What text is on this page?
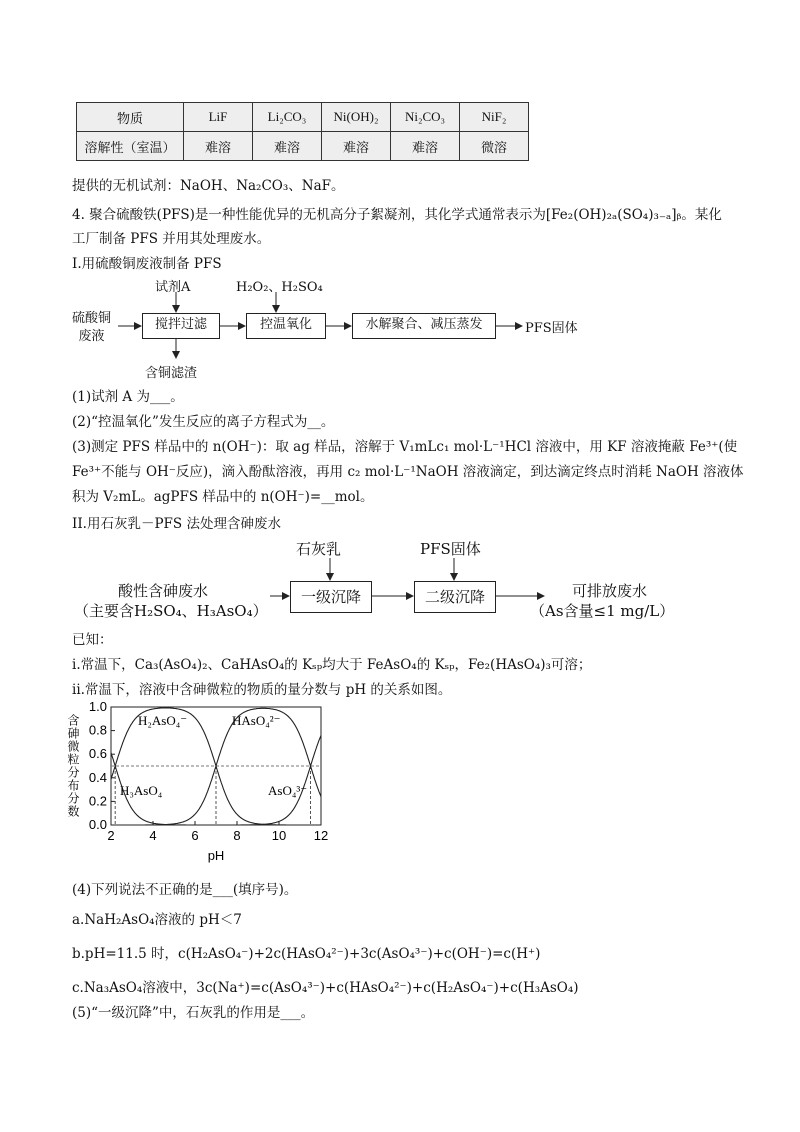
物质	LiF	Li₂CO₃	Ni(OH)₂	Ni₂CO₃	NiF₂
溶解性（室温）	难溶	难溶	难溶	难溶	微溶
提供的无机试剂：NaOH、Na₂CO₃、NaF。
4. 聚合硫酸铁(PFS)是一种性能优异的无机高分子絮凝剂，其化学式通常表示为[Fe₂(OH)₂ₐ(SO₄)₃₋ₐ]ᵦ。某化
工厂制备 PFS 并用其处理废水。
I.用硫酸铜废液制备 PFS
硫酸铜
废液
试剂A	H₂O₂、H₂SO₄
搅拌过滤	控温氧化	水解聚合、减压蒸发	PFS固体
含铜滤渣
(1)试剂 A 为___。
(2)“控温氧化”发生反应的离子方程式为__。
(3)测定 PFS 样品中的 n(OH⁻)：取 ag 样品，溶解于 V₁mLc₁ mol·L⁻¹HCl 溶液中，用 KF 溶液掩蔽 Fe³⁺(使
Fe³⁺不能与 OH⁻反应)，滴入酚酞溶液，再用 c₂ mol·L⁻¹NaOH 溶液滴定，到达滴定终点时消耗 NaOH 溶液体
积为 V₂mL。agPFS 样品中的 n(OH⁻)=__mol。
II.用石灰乳－PFS 法处理含砷废水
酸性含砷废水
（主要含H₂SO₄、H₃AsO₄）
石灰乳	PFS固体
一级沉降	二级沉降	可排放废水
（As含量≤1 mg/L）
已知：
i.常温下，Ca₃(AsO₄)₂、CaHAsO₄的 Kₛₚ均大于 FeAsO₄的 Kₛₚ，Fe₂(HAsO₄)₃可溶；
ii.常温下，溶液中含砷微粒的物质的量分数与 pH 的关系如图。
2	4	6	8 10 12
0.0
0.2
0.4
0.6
0.8
1.0
pH
含砷微粒分布分数	H₃AsO₄
H₂AsO₄⁻	HAsO₄²⁻
AsO₄³⁻
(4)下列说法不正确的是___(填序号)。
a.NaH₂AsO₄溶液的 pH＜7
b.pH=11.5 时，c(H₂AsO₄⁻)+2c(HAsO₄²⁻)+3c(AsO₄³⁻)+c(OH⁻)=c(H⁺)
c.Na₃AsO₄溶液中，3c(Na⁺)=c(AsO₄³⁻)+c(HAsO₄²⁻)+c(H₂AsO₄⁻)+c(H₃AsO₄)
(5)“一级沉降”中，石灰乳的作用是___。
